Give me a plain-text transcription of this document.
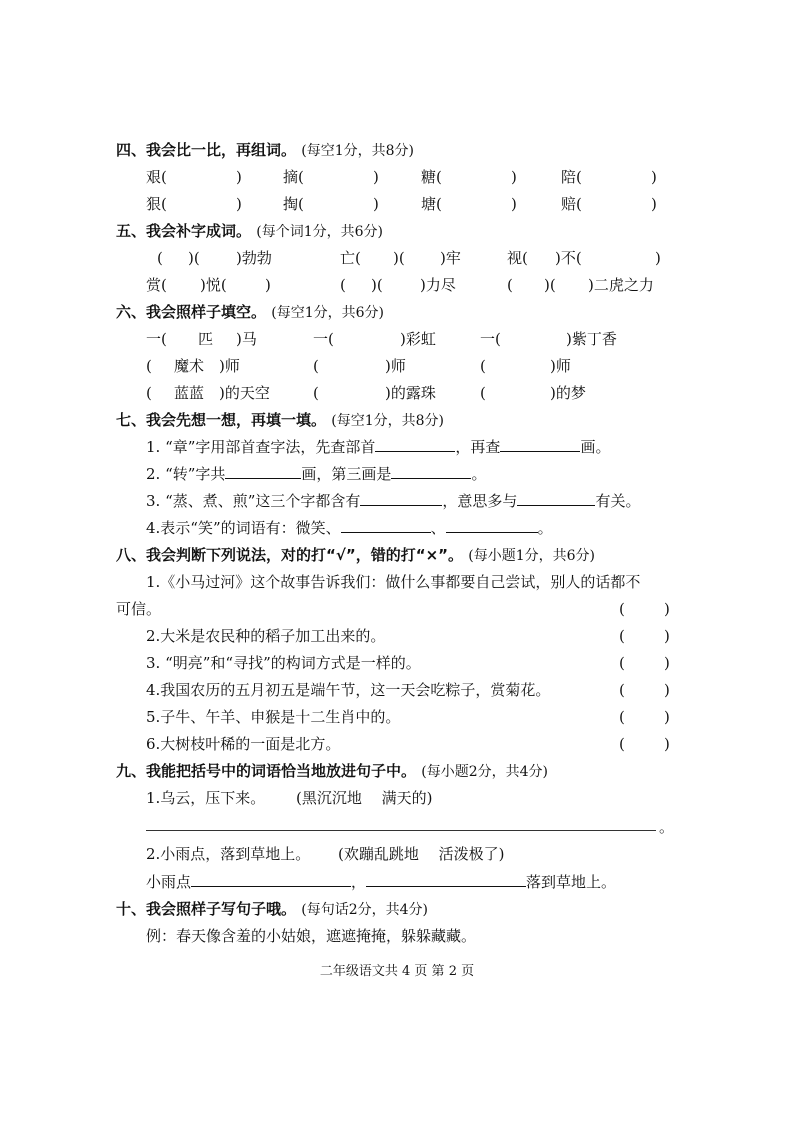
四、我会比一比，再组词。 (每空1分，共8分)
艰(	)	摘(	)	糖(	)	陪(	)
狠(	)	掏(	)	塘(	)	赔(	)
五、我会补字成词。 (每个词1分，共6分)
( )( )勃勃	亡( )( )牢	视( )不(	)
赏( )悦(	)	( )( )力尽	( )( )二虎之力
六、我会照样子填空。 (每空1分，共6分)
一( 匹 )马	一(	)彩虹	一(	)紫丁香
( 魔术 )师	(	)师	(	)师
( 蓝蓝 )的天空	(	)的露珠	(	)的梦
七、我会先想一想，再填一填。 (每空1分，共8分)
1. “章”字用部首查字法，先查部首	，再查	画。
2. “转”字共	画，第三画是	。
3. “蒸、煮、煎”这三个字都含有	，意思多与	有关。
4.表示“笑”的词语有：微笑、	、	。
八、我会判断下列说法，对的打“√”，错的打“×”。 (每小题1分，共6分)
1.《小马过河》这个故事告诉我们：做什么事都要自己尝试，别人的话都不
可信。	(	)
2.大米是农民种的稻子加工出来的。	(	)
3. “明亮”和“寻找”的构词方式是一样的。	(	)
4.我国农历的五月初五是端午节，这一天会吃粽子，赏菊花。	(	)
5.子牛、午羊、申猴是十二生肖中的。	(	)
6.大树枝叶稀的一面是北方。	(	)
九、我能把括号中的词语恰当地放进句子中。 (每小题2分，共4分)
1.乌云，压下来。 (黑沉沉地　 满天的)
。
2.小雨点，落到草地上。 (欢蹦乱跳地　 活泼极了)
小雨点	，	落到草地上。
十、我会照样子写句子哦。 (每句话2分，共4分)
例：春天像含羞的小姑娘，遮遮掩掩，躲躲藏藏。
二年级语文共 4 页 第 2 页
